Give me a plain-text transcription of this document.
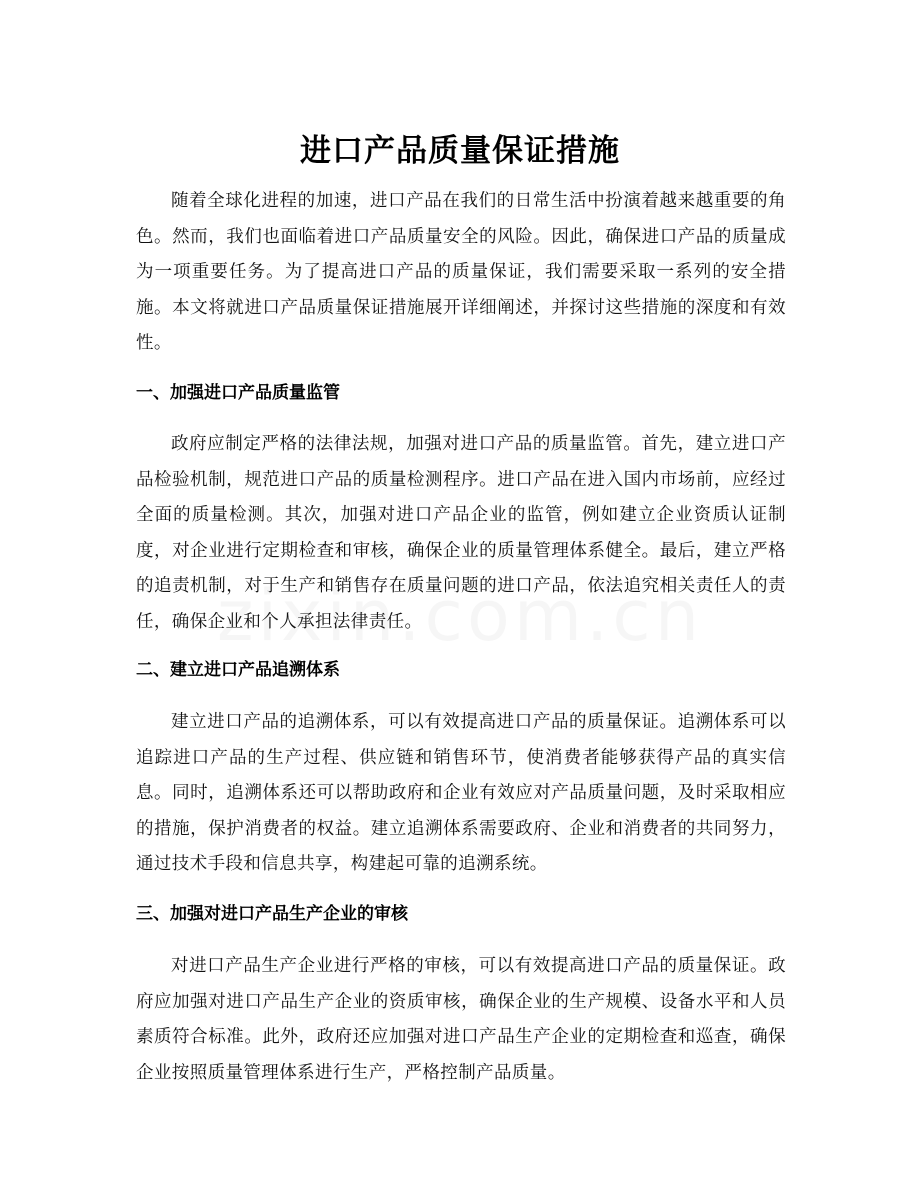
进口产品质量保证措施

随着全球化进程的加速，进口产品在我们的日常生活中扮演着越来越重要的角色。然而，我们也面临着进口产品质量安全的风险。因此，确保进口产品的质量成为一项重要任务。为了提高进口产品的质量保证，我们需要采取一系列的安全措施。本文将就进口产品质量保证措施展开详细阐述，并探讨这些措施的深度和有效性。

一、加强进口产品质量监管

政府应制定严格的法律法规，加强对进口产品的质量监管。首先，建立进口产品检验机制，规范进口产品的质量检测程序。进口产品在进入国内市场前，应经过全面的质量检测。其次，加强对进口产品企业的监管，例如建立企业资质认证制度，对企业进行定期检查和审核，确保企业的质量管理体系健全。最后，建立严格的追责机制，对于生产和销售存在质量问题的进口产品，依法追究相关责任人的责任，确保企业和个人承担法律责任。

二、建立进口产品追溯体系

建立进口产品的追溯体系，可以有效提高进口产品的质量保证。追溯体系可以追踪进口产品的生产过程、供应链和销售环节，使消费者能够获得产品的真实信息。同时，追溯体系还可以帮助政府和企业有效应对产品质量问题，及时采取相应的措施，保护消费者的权益。建立追溯体系需要政府、企业和消费者的共同努力，通过技术手段和信息共享，构建起可靠的追溯系统。

三、加强对进口产品生产企业的审核

对进口产品生产企业进行严格的审核，可以有效提高进口产品的质量保证。政府应加强对进口产品生产企业的资质审核，确保企业的生产规模、设备水平和人员素质符合标准。此外，政府还应加强对进口产品生产企业的定期检查和巡查，确保企业按照质量管理体系进行生产，严格控制产品质量。
